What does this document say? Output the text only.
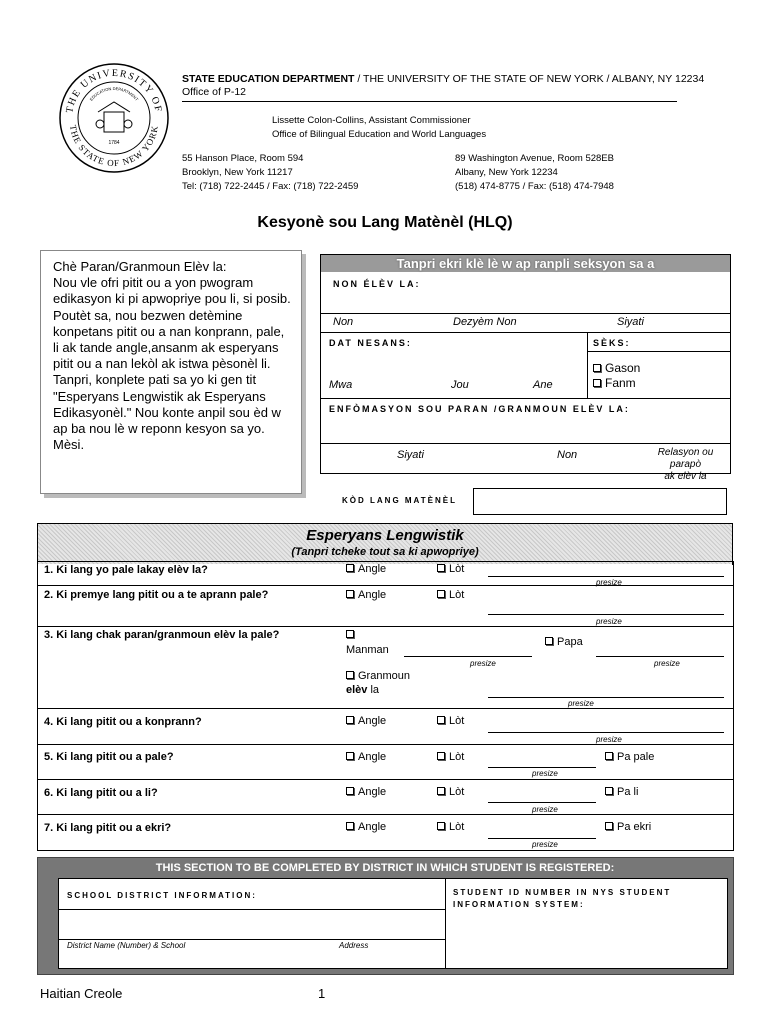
THE UNIVERSITY OF
THE STATE OF NEW YORK
EDUCATION DEPARTMENT
1784
STATE EDUCATION DEPARTMENT / THE UNIVERSITY OF THE STATE OF NEW YORK / ALBANY, NY 12234
Office of P-12
Lissette Colon-Collins, Assistant Commissioner
Office of Bilingual Education and World Languages
55 Hanson Place, Room 594
Brooklyn, New York 11217
Tel: (718) 722-2445 / Fax: (718) 722-2459
89 Washington Avenue, Room 528EB
Albany, New York 12234
(518) 474-8775 / Fax: (518) 474-7948
Kesyonè sou Lang Matènèl (HLQ)
Chè Paran/Granmoun Elèv la:
Nou vle ofri pitit ou a yon pwogram edikasyon ki pi apwopriye pou li, si posib. Poutèt sa, nou bezwen detèmine konpetans pitit ou a nan konprann, pale, li ak tande angle,ansanm ak esperyans pitit ou a nan lekòl ak istwa pèsonèl li. Tanpri, konplete pati sa yo ki gen tit "Esperyans Lengwistik ak Esperyans Edikasyonèl." Nou konte anpil sou èd w ap ba nou lè w reponn kesyon sa yo. Mèsi.
Tanpri ekri klè lè w ap ranpli seksyon sa a
NON ÉLÈV LA:
Non	Dezyèm Non	Siyati
DAT NESANS:	SÈKS:
Mwa	Jou	Ane
Gason
Fanm
ENFÒMASYON SOU PARAN /GRANMOUN ELÈV LA:
Siyati	Non	Relasyon ou parapò
ak elèv la
KÒD LANG MATÈNÈL
Esperyans Lengwistik
(Tanpri tcheke tout sa ki apwopriye)
1. Ki lang yo pale lakay elèv la?	Angle	Lòt
presize
2. Ki premye lang pitit ou a te aprann pale?	Angle	Lòt
presize
3. Ki lang chak paran/granmoun elèv la pale?
Manman
presize
Papa
presize
Granmoun
elèv la
presize
4. Ki lang pitit ou a konprann?	Angle	Lòt
presize
5. Ki lang pitit ou a pale?	Angle	Lòt	Pa pale
presize
6. Ki lang pitit ou a li?	Angle	Lòt	Pa li
presize
7. Ki lang pitit ou a ekri?	Angle	Lòt	Pa ekri
presize
THIS SECTION TO BE COMPLETED BY DISTRICT IN WHICH STUDENT IS REGISTERED:
SCHOOL DISTRICT INFORMATION:	STUDENT ID NUMBER IN NYS STUDENT INFORMATION SYSTEM:
District Name (Number) & School	Address
Haitian Creole	1
